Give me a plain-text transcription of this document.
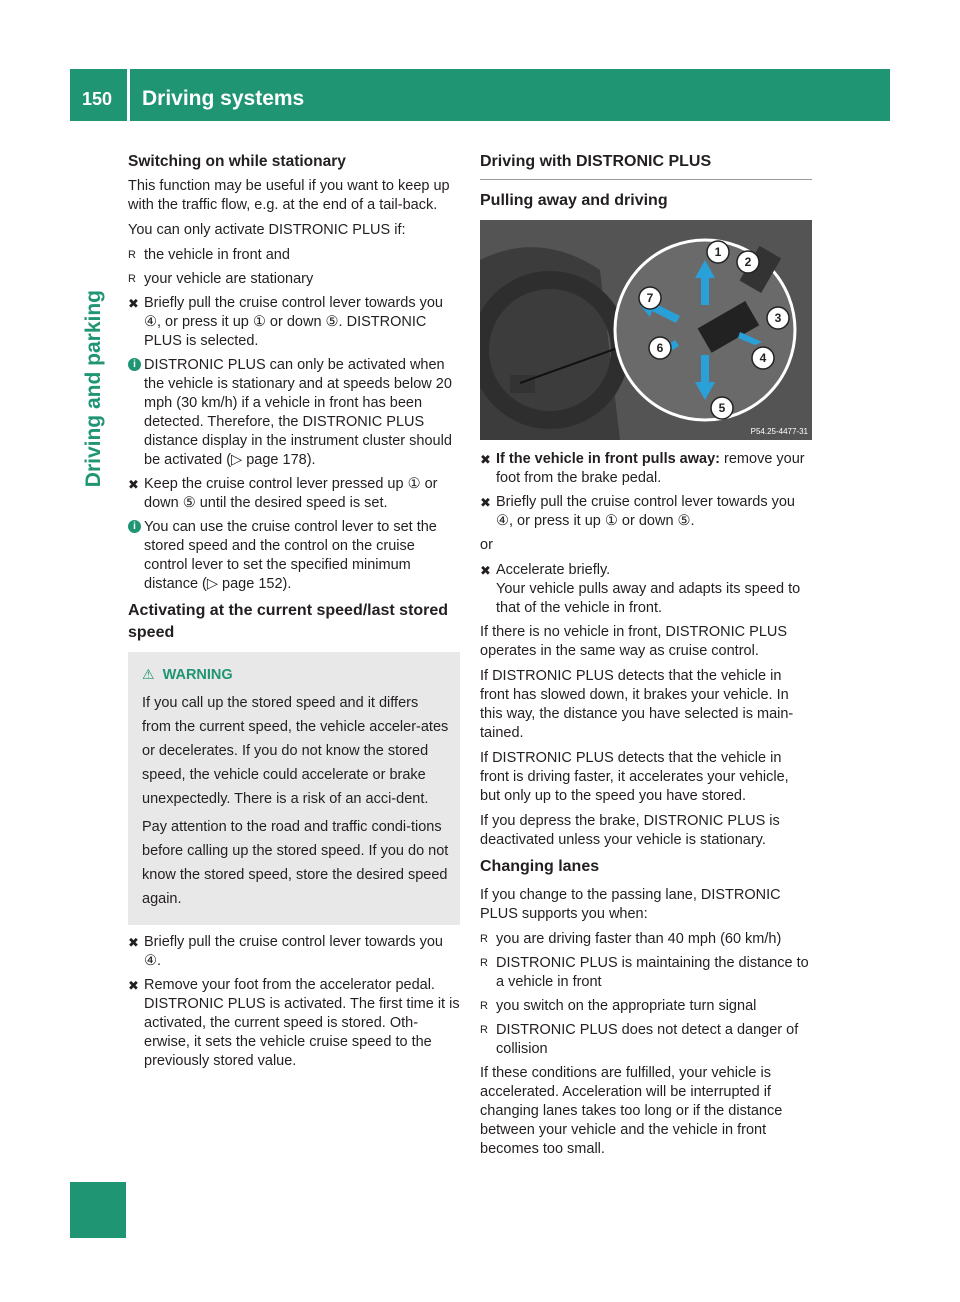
150 Driving systems
Driving and parking
Switching on while stationary

This function may be useful if you want to keep up with the traffic flow, e.g. at the end of a tail-back.

You can only activate DISTRONIC PLUS if:

R the vehicle in front and
R your vehicle are stationary
✖ Briefly pull the cruise control lever towards you ④, or press it up ① or down ⑤. DISTRONIC PLUS is selected.
i DISTRONIC PLUS can only be activated when the vehicle is stationary and at speeds below 20 mph (30 km/h) if a vehicle in front has been detected. Therefore, the DISTRONIC PLUS distance display in the instrument cluster should be activated (▷ page 178).
✖ Keep the cruise control lever pressed up ① or down ⑤ until the desired speed is set.
i You can use the cruise control lever to set the stored speed and the control on the cruise control lever to set the specified minimum distance (▷ page 152).
Activating at the current speed/last stored speed
⚠ WARNING

If you call up the stored speed and it differs from the current speed, the vehicle acceler-ates or decelerates. If you do not know the stored speed, the vehicle could accelerate or brake unexpectedly. There is a risk of an acci-dent.

Pay attention to the road and traffic condi-tions before calling up the stored speed. If you do not know the stored speed, store the desired speed again.

✖ Briefly pull the cruise control lever towards you ④.
✖ Remove your foot from the accelerator pedal. DISTRONIC PLUS is activated. The first time it is activated, the current speed is stored. Oth-erwise, it sets the vehicle cruise speed to the previously stored value.
Driving with DISTRONIC PLUS
Pulling away and driving
1
2
3
4
5
6
7
P54.25-4477-31
✖ If the vehicle in front pulls away: remove your foot from the brake pedal.
✖ Briefly pull the cruise control lever towards you ④, or press it up ① or down ⑤.

or

✖ Accelerate briefly.
Your vehicle pulls away and adapts its speed to that of the vehicle in front.

If there is no vehicle in front, DISTRONIC PLUS operates in the same way as cruise control.

If DISTRONIC PLUS detects that the vehicle in front has slowed down, it brakes your vehicle. In this way, the distance you have selected is main-tained.

If DISTRONIC PLUS detects that the vehicle in front is driving faster, it accelerates your vehicle, but only up to the speed you have stored.

If you depress the brake, DISTRONIC PLUS is deactivated unless your vehicle is stationary.

Changing lanes

If you change to the passing lane, DISTRONIC PLUS supports you when:

R you are driving faster than 40 mph (60 km/h)
R DISTRONIC PLUS is maintaining the distance to a vehicle in front
R you switch on the appropriate turn signal
R DISTRONIC PLUS does not detect a danger of collision

If these conditions are fulfilled, your vehicle is accelerated. Acceleration will be interrupted if changing lanes takes too long or if the distance between your vehicle and the vehicle in front becomes too small.
